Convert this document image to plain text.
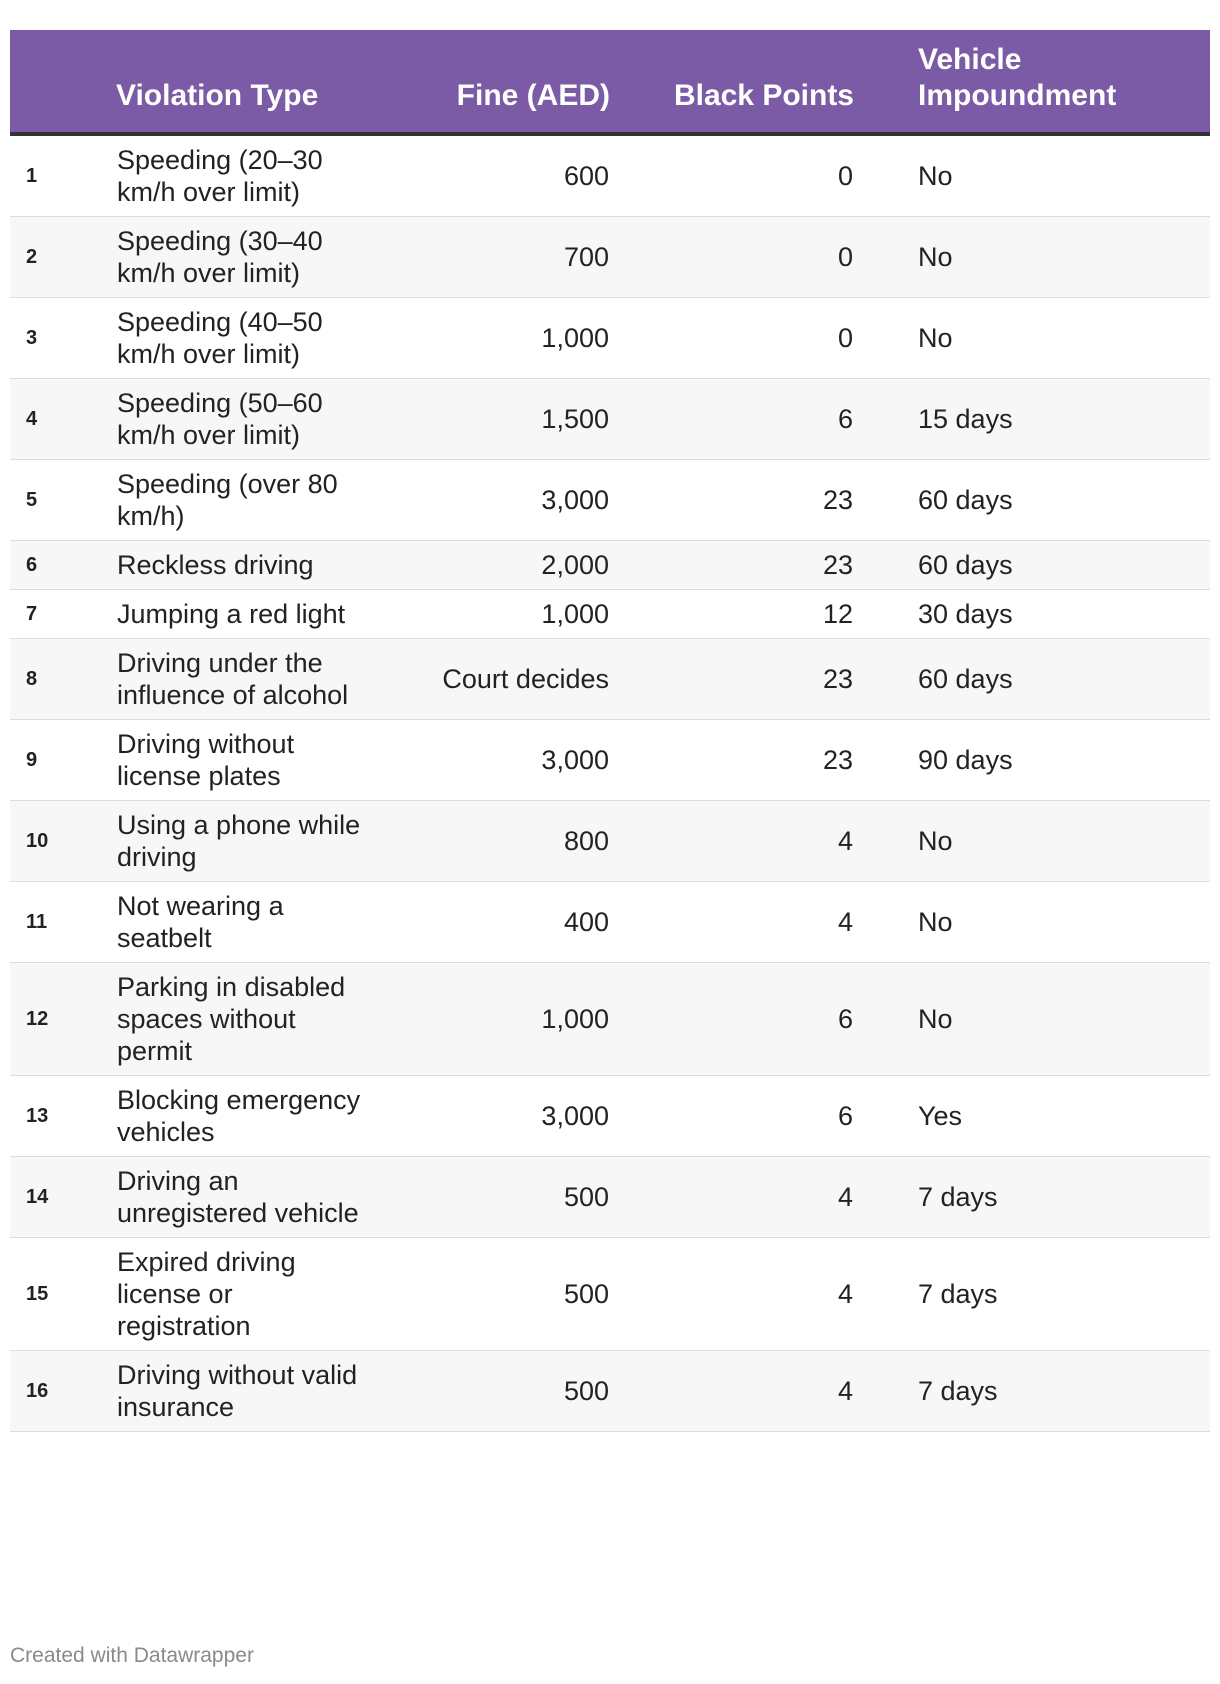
	Violation Type	Fine (AED)	Black Points	Vehicle Impoundment
1	Speeding (20–30 km/h over limit)	600	0	No
2	Speeding (30–40 km/h over limit)	700	0	No
3	Speeding (40–50 km/h over limit)	1,000	0	No
4	Speeding (50–60 km/h over limit)	1,500	6	15 days
5	Speeding (over 80 km/h)	3,000	23	60 days
6	Reckless driving	2,000	23	60 days
7	Jumping a red light	1,000	12	30 days
8	Driving under the influence of alcohol	Court decides	23	60 days
9	Driving without license plates	3,000	23	90 days
10	Using a phone while driving	800	4	No
11	Not wearing a seatbelt	400	4	No
12	Parking in disabled spaces without permit	1,000	6	No
13	Blocking emergency vehicles	3,000	6	Yes
14	Driving an unregistered vehicle	500	4	7 days
15	Expired driving license or registration	500	4	7 days
16	Driving without valid insurance	500	4	7 days
Created with Datawrapper
